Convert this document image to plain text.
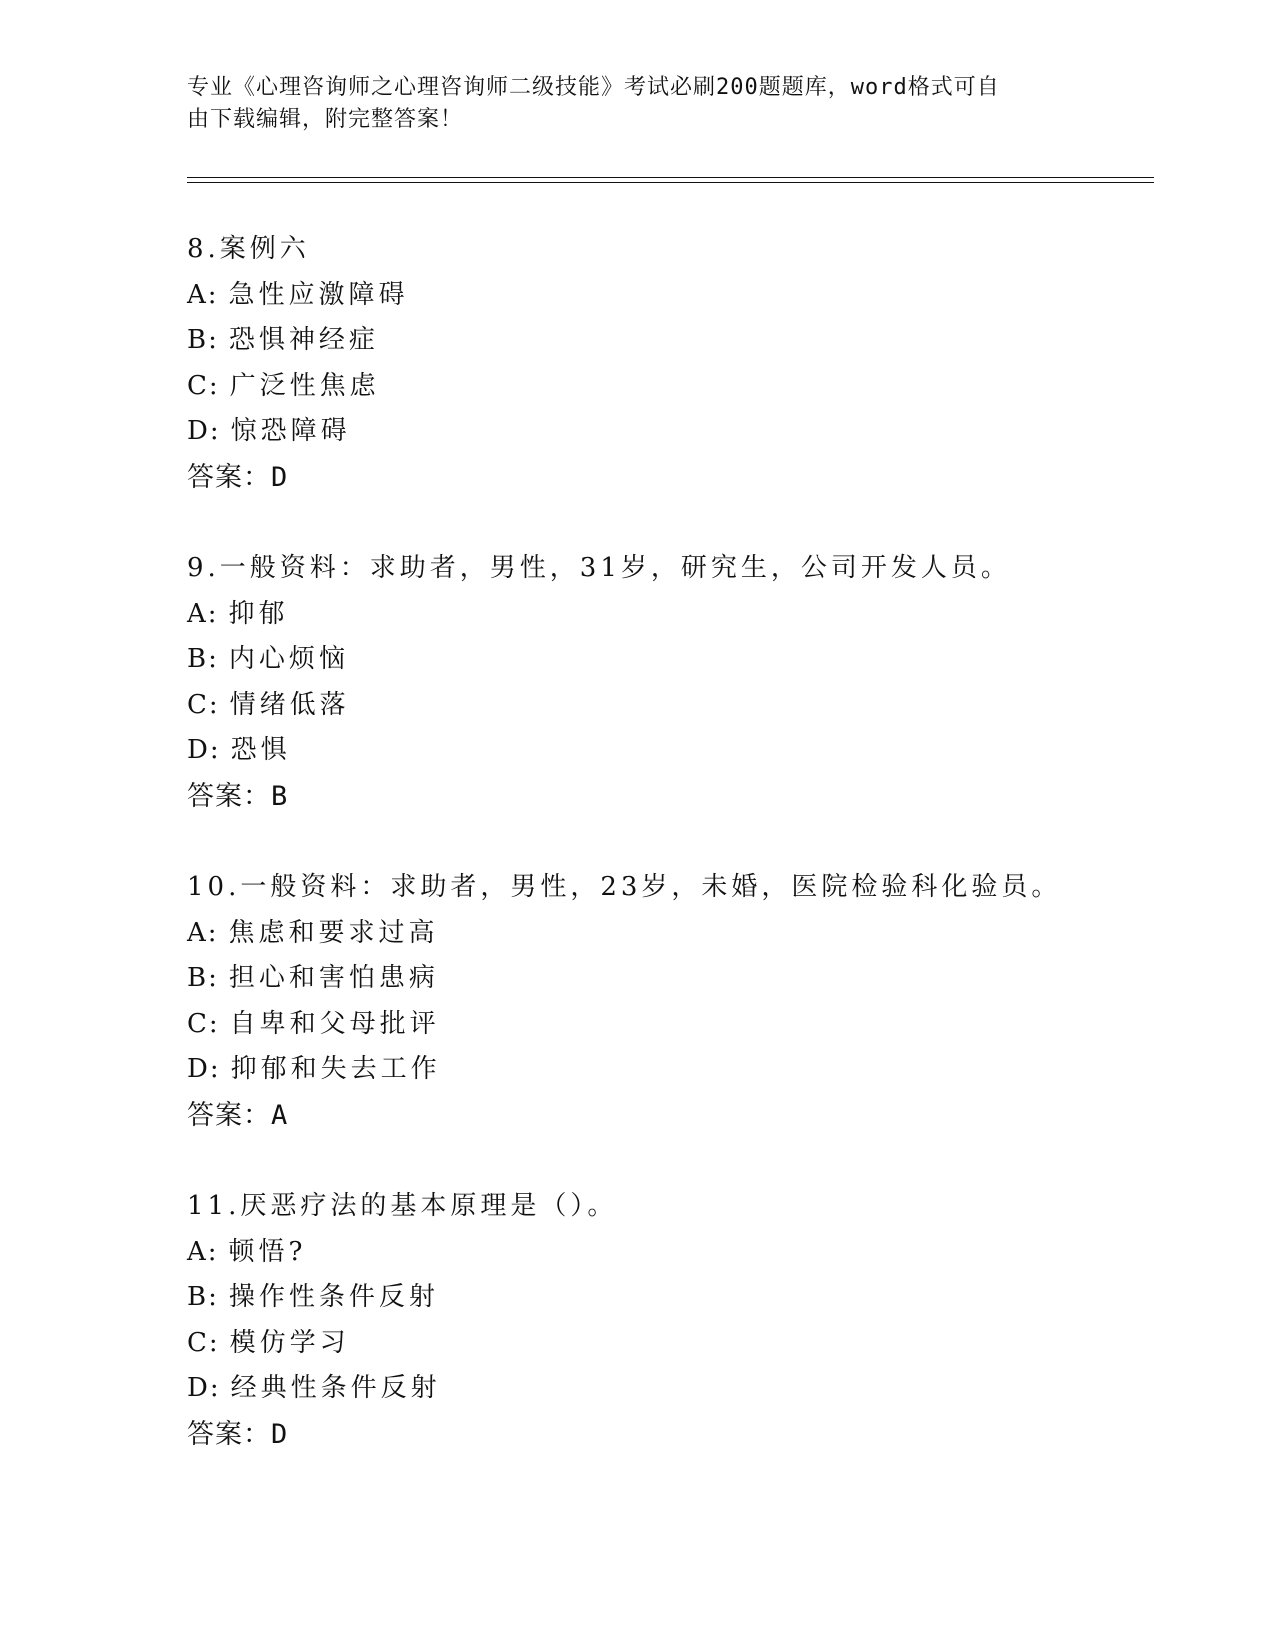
专业《心理咨询师之心理咨询师二级技能》考试必刷200题题库，word格式可自
由下载编辑，附完整答案！
8.案例六
A: 急性应激障碍
B: 恐惧神经症
C: 广泛性焦虑
D: 惊恐障碍
答案：D
9.一般资料：求助者，男性，31岁，研究生，公司开发人员。
A: 抑郁
B: 内心烦恼
C: 情绪低落
D: 恐惧
答案：B
10.一般资料：求助者，男性，23岁，未婚，医院检验科化验员。
A: 焦虑和要求过高
B: 担心和害怕患病
C: 自卑和父母批评
D: 抑郁和失去工作
答案：A
11.厌恶疗法的基本原理是（）。
A: 顿悟?
B: 操作性条件反射
C: 模仿学习
D: 经典性条件反射
答案：D
